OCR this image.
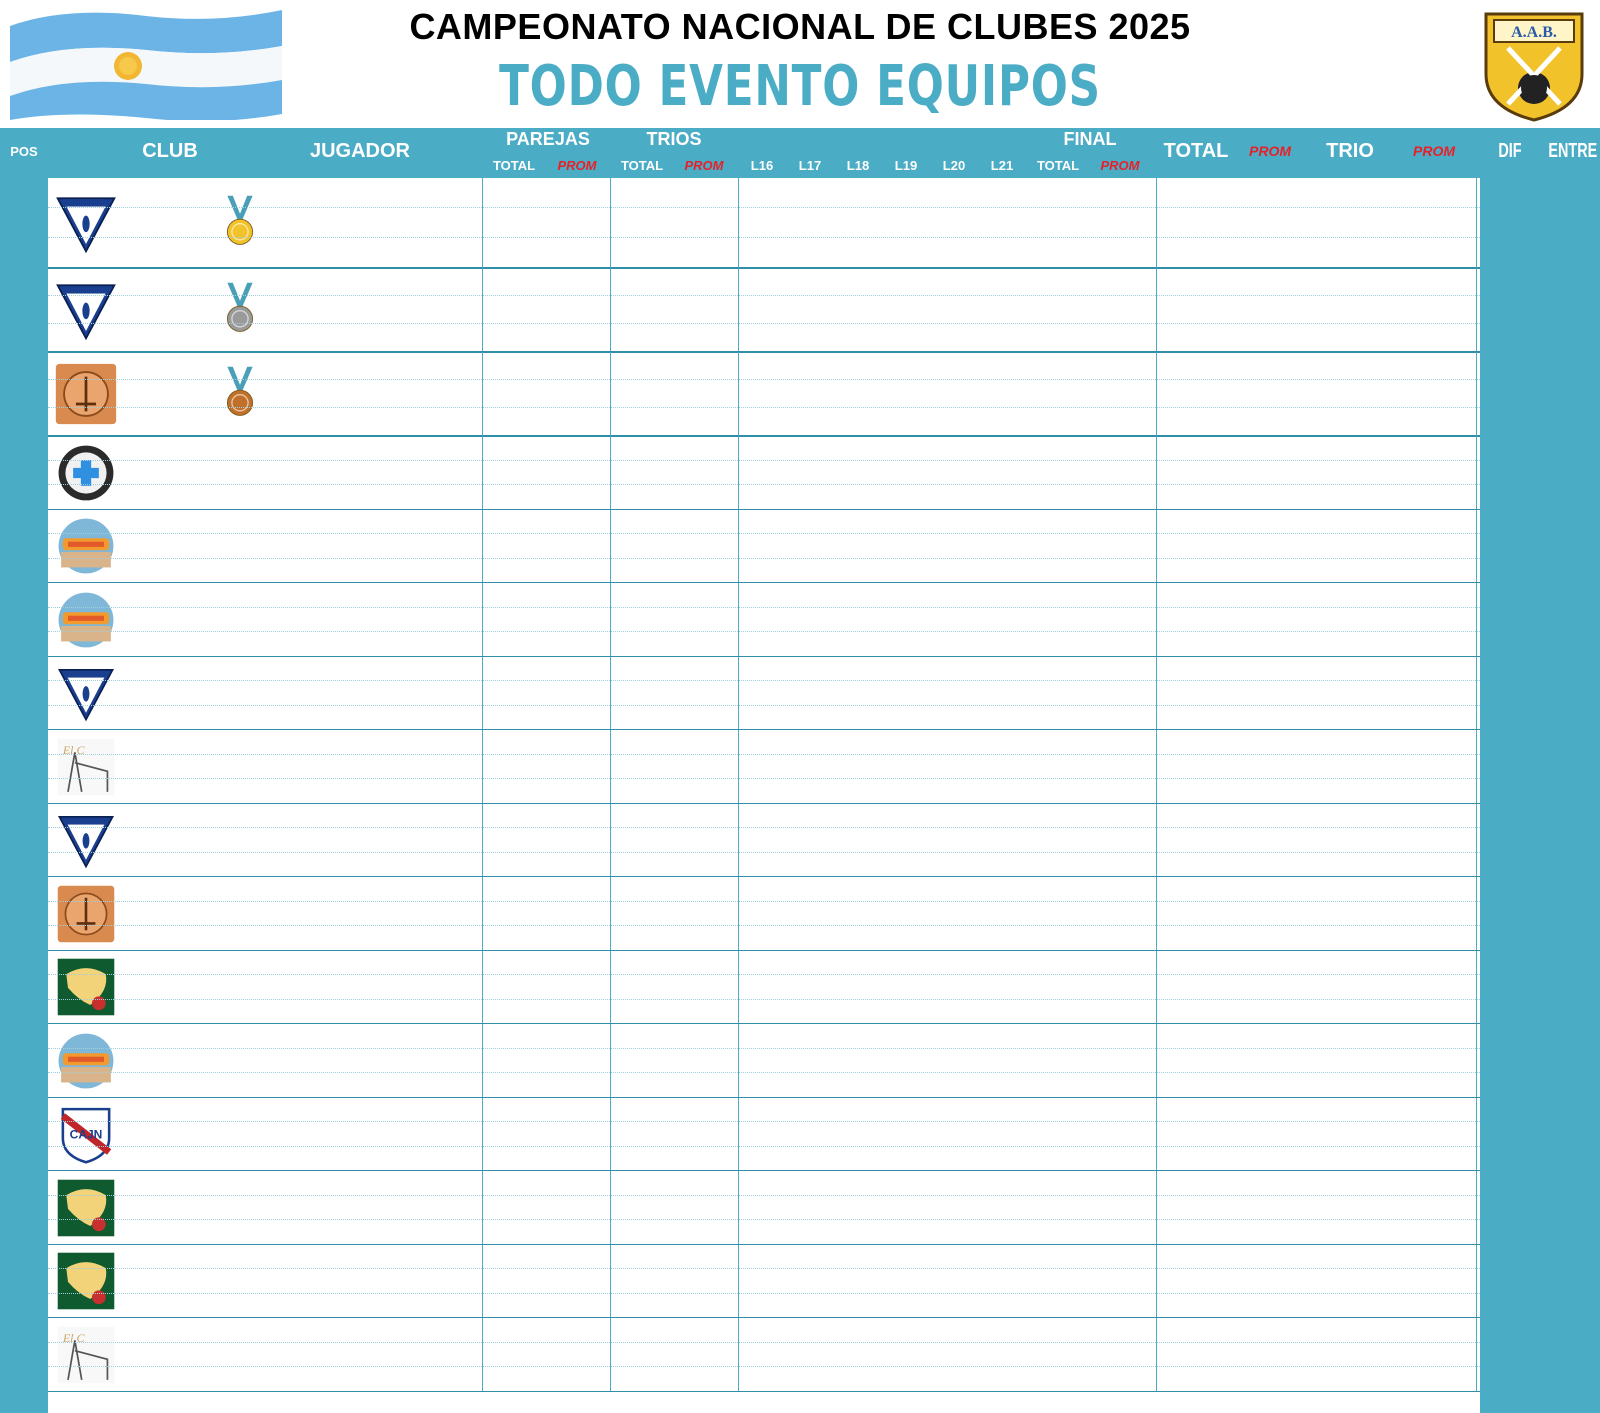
CAMPEONATO NACIONAL DE CLUBES 2025
TODO EVENTO EQUIPOS
A.A.B.
POS	CLUB	JUGADOR
PAREJAS
TOTAL	PROM
TRIOS
TOTAL	PROM	L16	L17	L18	L19	L20	L21
FINAL
TOTAL	PROM
TOTAL	PROM	TRIO	PROM	DIF	ENTRE
El C
CAJN
El C
